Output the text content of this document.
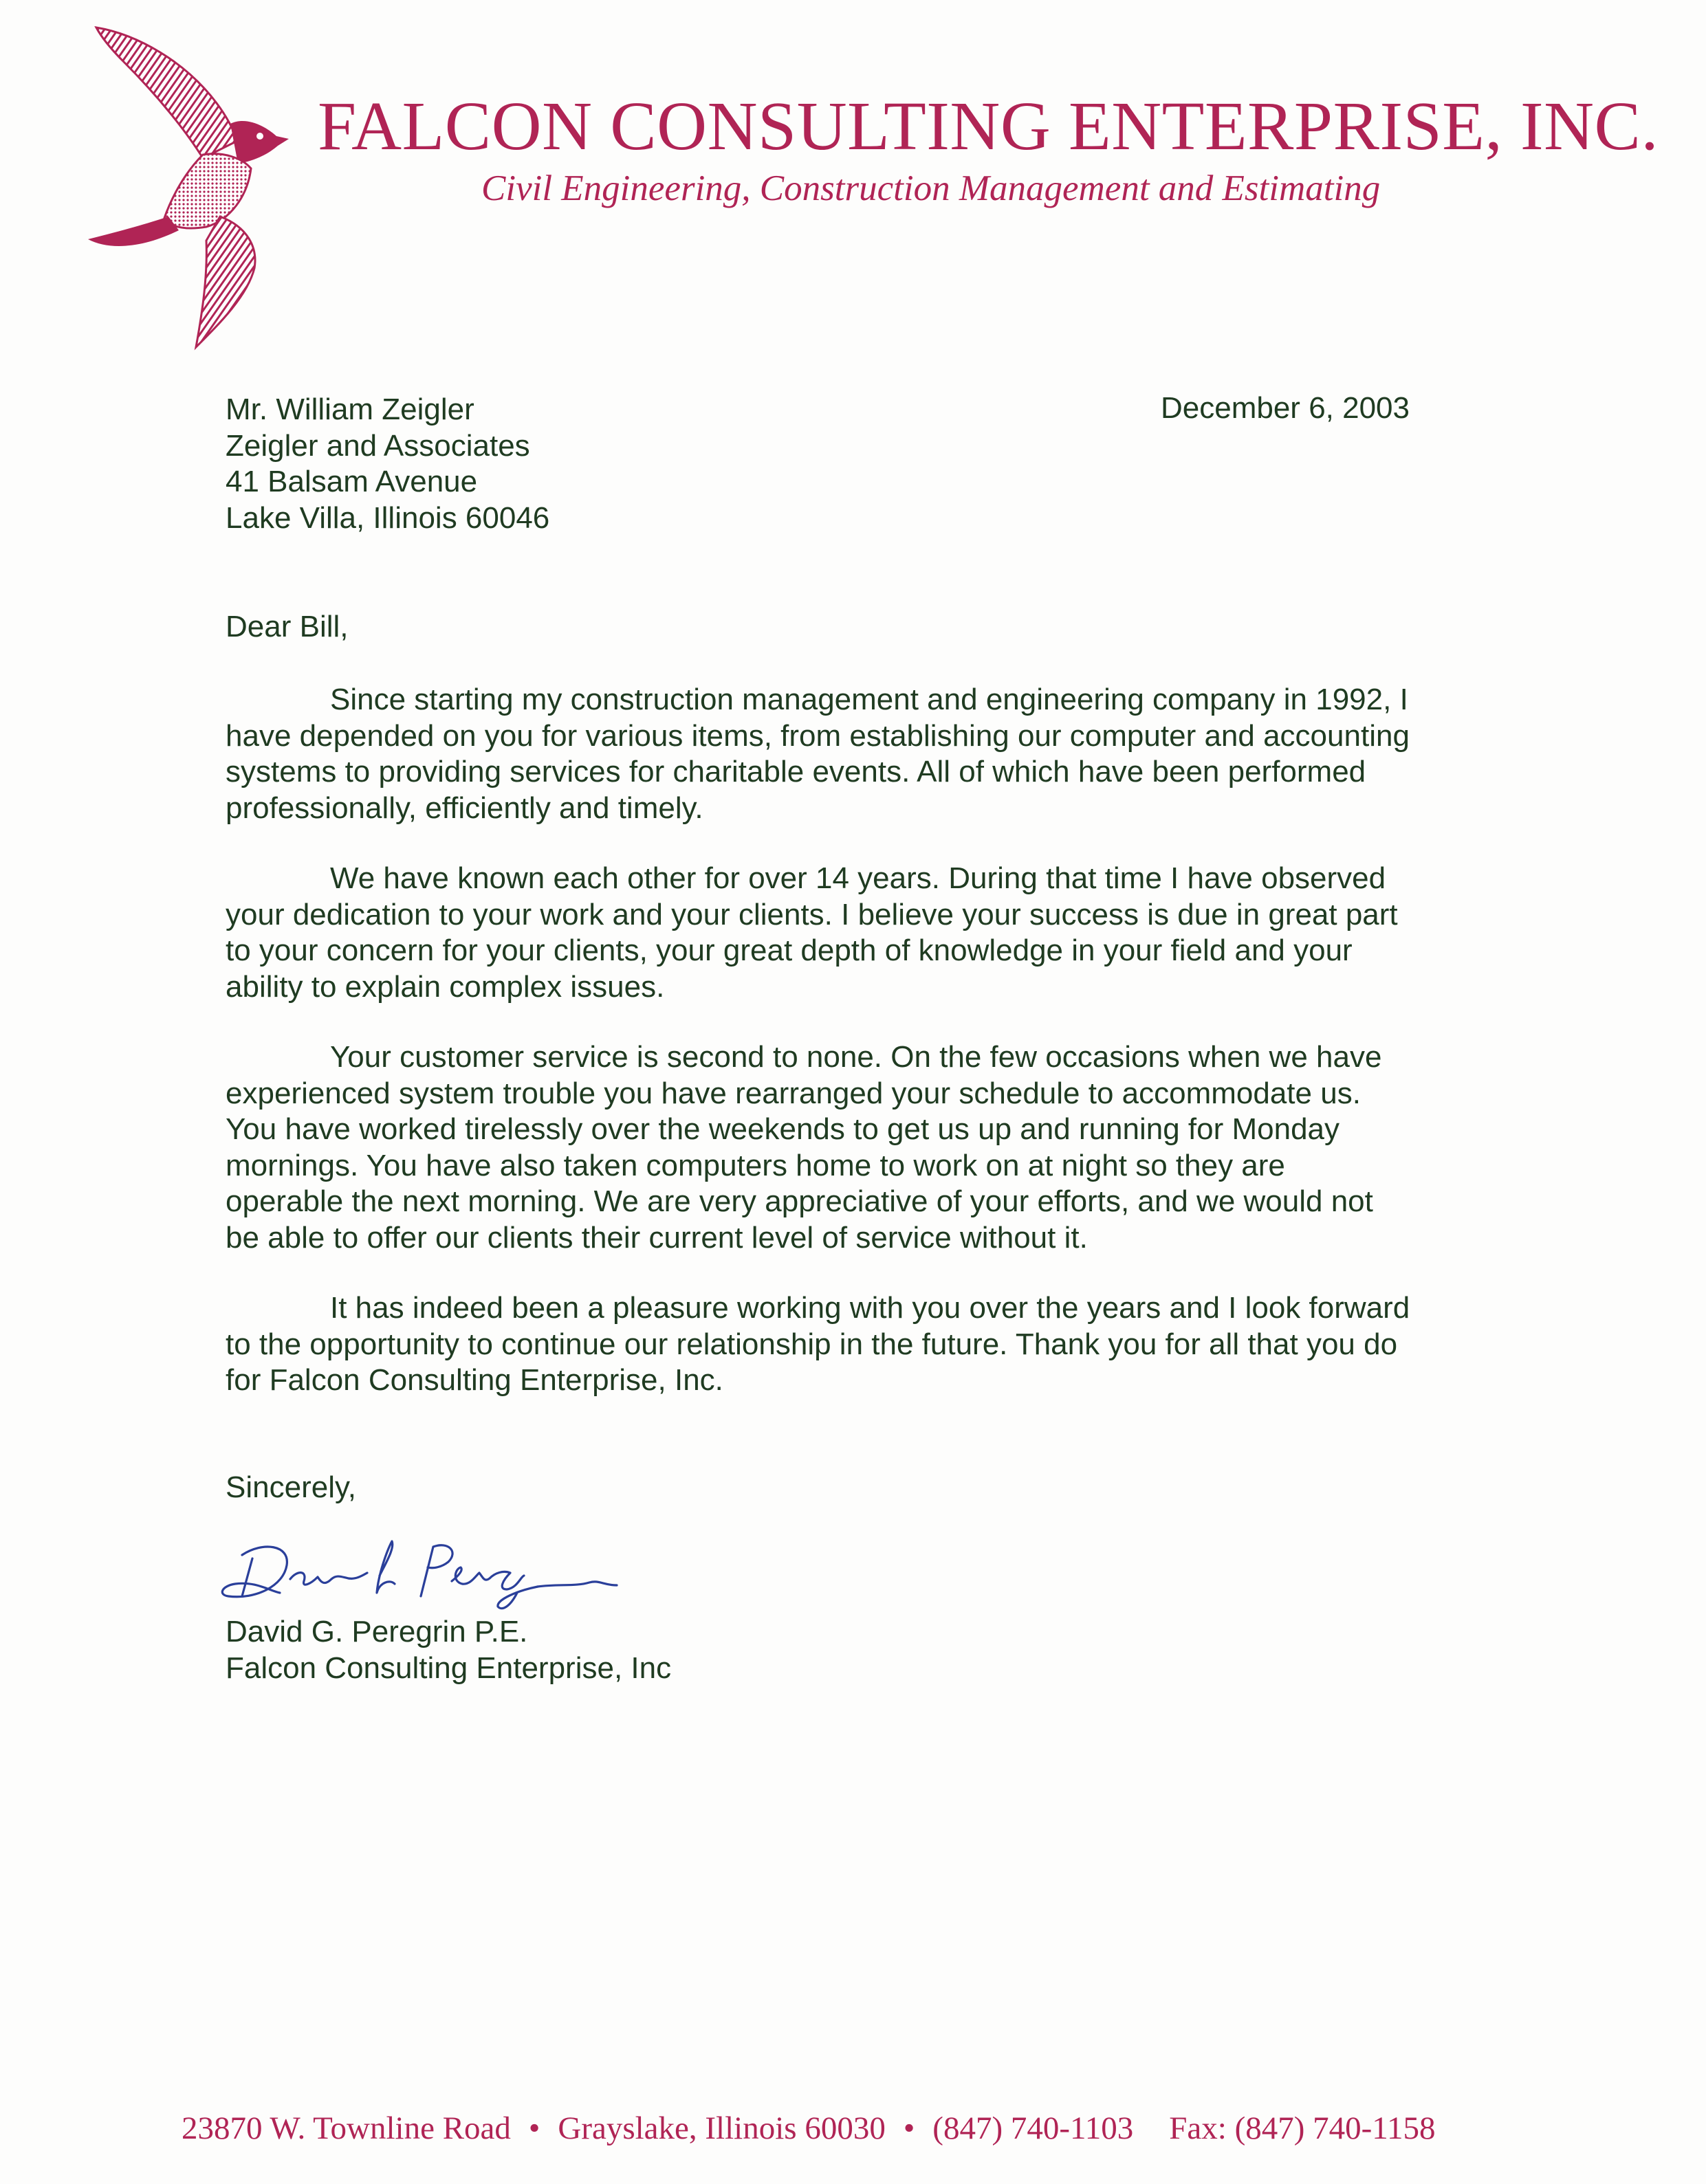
FALCON CONSULTING ENTERPRISE, INC.
Civil Engineering, Construction Management and Estimating
Mr. William Zeigler
Zeigler and Associates
41 Balsam Avenue
Lake Villa, Illinois 60046
December 6, 2003
Dear Bill,
Since starting my construction management and engineering company in 1992, I
have depended on you for various items, from establishing our computer and accounting
systems to providing services for charitable events. All of which have been performed
professionally, efficiently and timely.
We have known each other for over 14 years. During that time I have observed
your dedication to your work and your clients. I believe your success is due in great part
to your concern for your clients, your great depth of knowledge in your field and your
ability to explain complex issues.
Your customer service is second to none. On the few occasions when we have
experienced system trouble you have rearranged your schedule to accommodate us.
You have worked tirelessly over the weekends to get us up and running for Monday
mornings. You have also taken computers home to work on at night so they are
operable the next morning. We are very appreciative of your efforts, and we would not
be able to offer our clients their current level of service without it.
It has indeed been a pleasure working with you over the years and I look forward
to the opportunity to continue our relationship in the future. Thank you for all that you do
for Falcon Consulting Enterprise, Inc.
Sincerely,
David G. Peregrin P.E.
Falcon Consulting Enterprise, Inc
23870 W. Townline Road • Grayslake, Illinois 60030 • (847) 740-1103 Fax: (847) 740-1158
